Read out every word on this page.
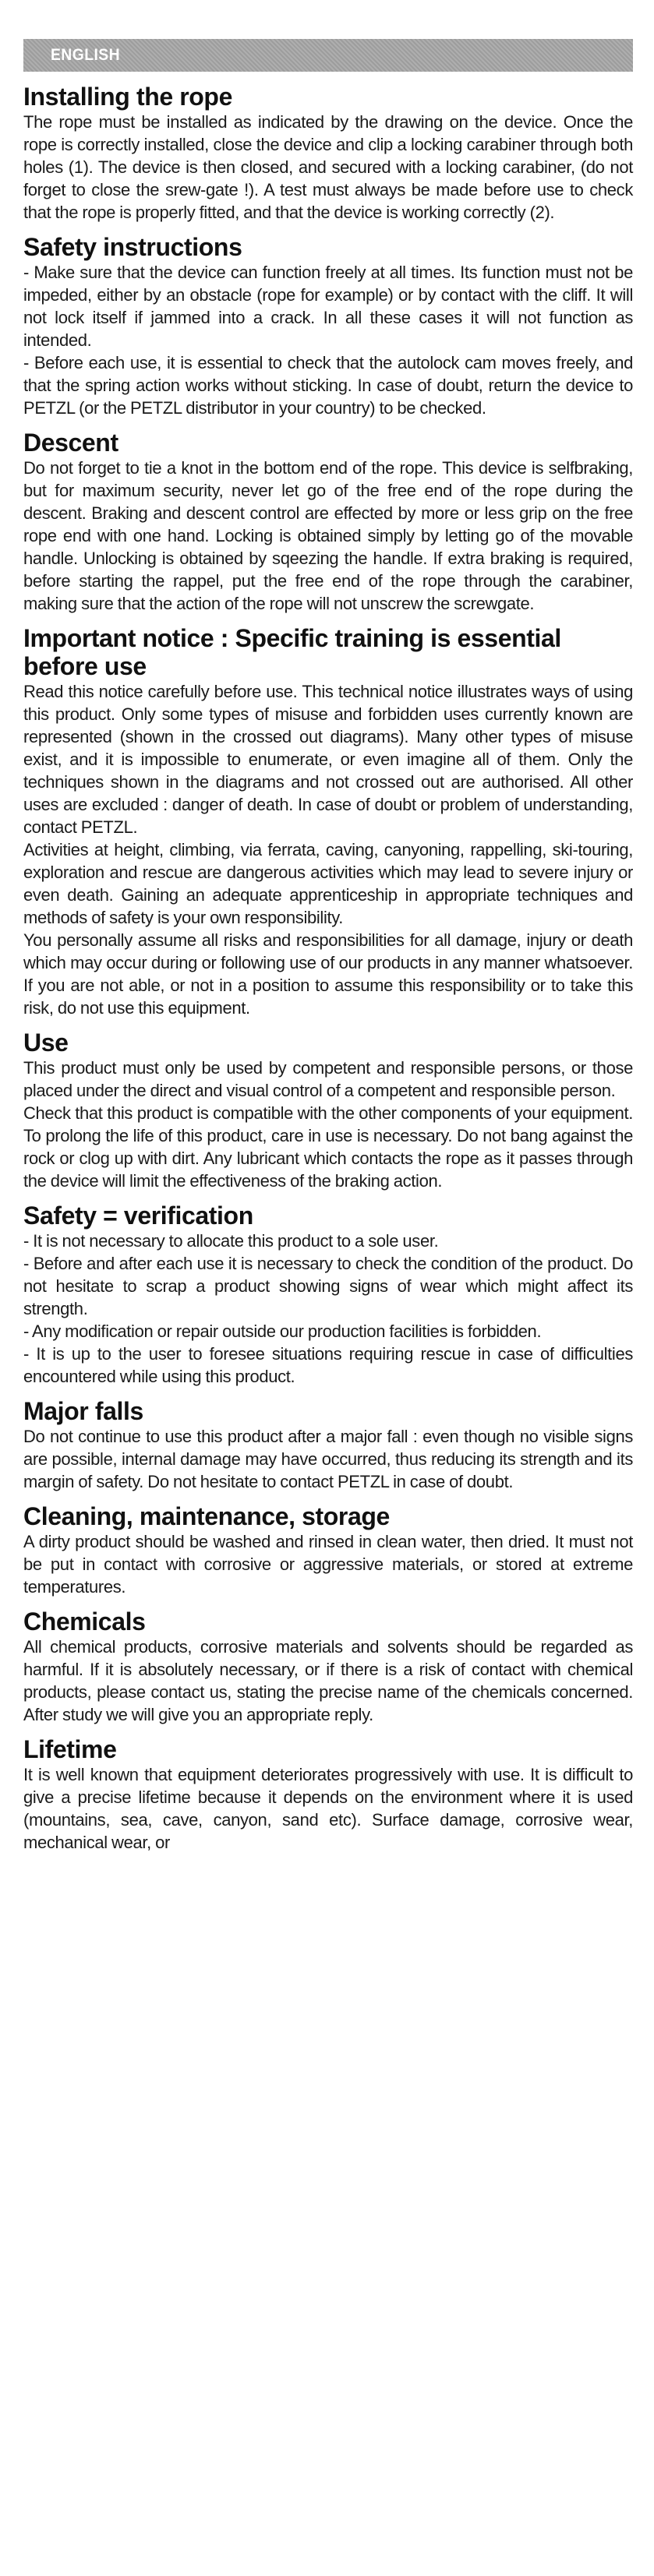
ENGLISH
Installing the rope

The rope must be installed as indicated by the drawing on the device. Once the rope is correctly installed, close the device and clip a locking carabiner through both holes (1). The device is then closed, and secured with a locking carabiner, (do not forget to close the srew-gate !). A test must always be made before use to check that the rope is properly fitted, and that the device is working correctly (2).

Safety instructions

- Make sure that the device can function freely at all times. Its function must not be impeded, either by an obstacle (rope for example) or by contact with the cliff. It will not lock itself if jammed into a crack. In all these cases it will not function as intended.

- Before each use, it is essential to check that the autolock cam moves freely, and that the spring action works without sticking. In case of doubt, return the device to PETZL (or the PETZL distributor in your country) to be checked.

Descent

Do not forget to tie a knot in the bottom end of the rope. This device is selfbraking, but for maximum security, never let go of the free end of the rope during the descent. Braking and descent control are effected by more or less grip on the free rope end with one hand. Locking is obtained simply by letting go of the movable handle. Unlocking is obtained by sqeezing the handle. If extra braking is required, before starting the rappel, put the free end of the rope through the carabiner, making sure that the action of the rope will not unscrew the screwgate.

Important notice : Specific training is essential before use

Read this notice carefully before use. This technical notice illustrates ways of using this product. Only some types of misuse and forbidden uses currently known are represented (shown in the crossed out diagrams). Many other types of misuse exist, and it is impossible to enumerate, or even imagine all of them. Only the techniques shown in the diagrams and not crossed out are authorised. All other uses are excluded : danger of death. In case of doubt or problem of understanding, contact PETZL.

Activities at height, climbing, via ferrata, caving, canyoning, rappelling, ski-touring, exploration and rescue are dangerous activities which may lead to severe injury or even death. Gaining an adequate apprenticeship in appropriate techniques and methods of safety is your own responsibility.

You personally assume all risks and responsibilities for all damage, injury or death which may occur during or following use of our products in any manner whatsoever. If you are not able, or not in a position to assume this responsibility or to take this risk, do not use this equipment.

Use

This product must only be used by competent and responsible persons, or those placed under the direct and visual control of a competent and responsible person.

Check that this product is compatible with the other components of your equipment. To prolong the life of this product, care in use is necessary. Do not bang against the rock or clog up with dirt. Any lubricant which contacts the rope as it passes through the device will limit the effectiveness of the braking action.

Safety = verification

- It is not necessary to allocate this product to a sole user.

- Before and after each use it is necessary to check the condition of the product. Do not hesitate to scrap a product showing signs of wear which might affect its strength.

- Any modification or repair outside our production facilities is forbidden.

- It is up to the user to foresee situations requiring rescue in case of difficulties encountered while using this product.

Major falls

Do not continue to use this product after a major fall : even though no visible signs are possible, internal damage may have occurred, thus reducing its strength and its margin of safety. Do not hesitate to contact PETZL in case of doubt.

Cleaning, maintenance, storage

A dirty product should be washed and rinsed in clean water, then dried. It must not be put in contact with corrosive or aggressive materials, or stored at extreme temperatures.

Chemicals

All chemical products, corrosive materials and solvents should be regarded as harmful. If it is absolutely necessary, or if there is a risk of contact with chemical products, please contact us, stating the precise name of the chemicals concerned. After study we will give you an appropriate reply.

Lifetime

It is well known that equipment deteriorates progressively with use. It is difficult to give a precise lifetime because it depends on the environment where it is used (mountains, sea, cave, canyon, sand etc). Surface damage, corrosive wear, mechanical wear, or
